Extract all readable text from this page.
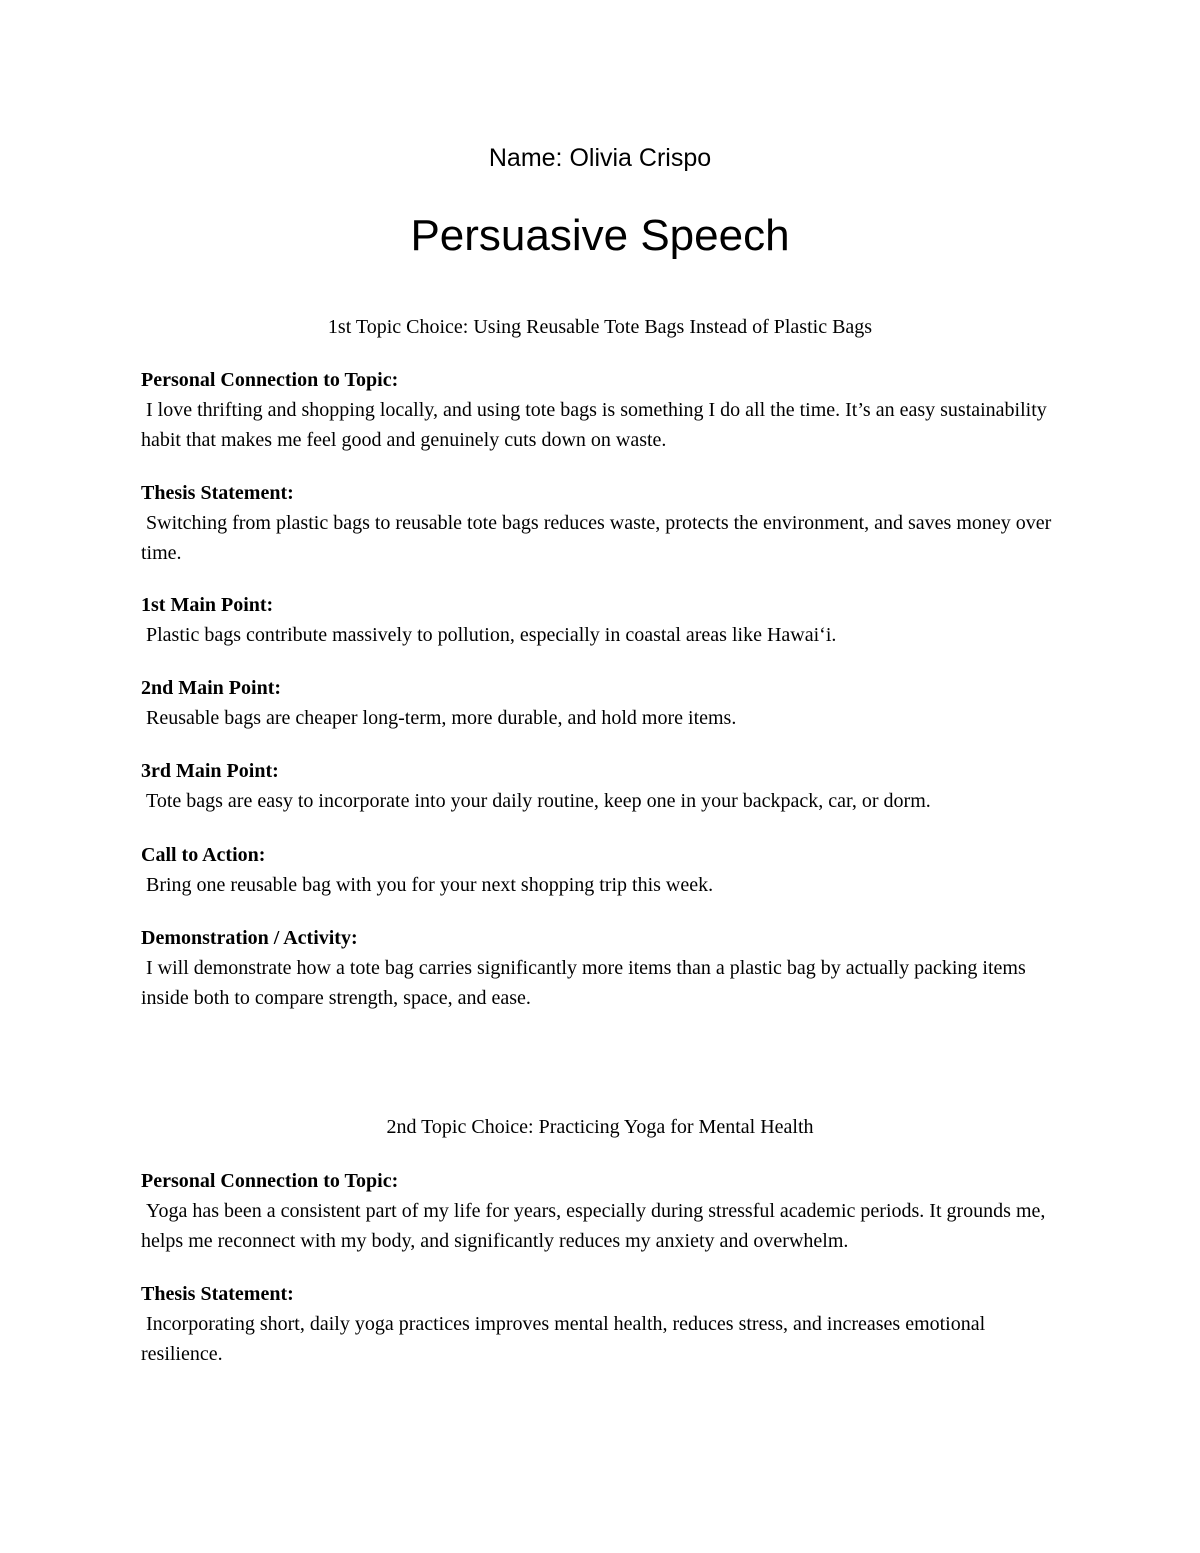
Name: Olivia Crispo

Persuasive Speech

1st Topic Choice: Using Reusable Tote Bags Instead of Plastic Bags

Personal Connection to Topic:
I love thrifting and shopping locally, and using tote bags is something I do all the time. It’s an easy sustainability habit that makes me feel good and genuinely cuts down on waste.
Thesis Statement:
Switching from plastic bags to reusable tote bags reduces waste, protects the environment, and saves money over time.
1st Main Point:
Plastic bags contribute massively to pollution, especially in coastal areas like Hawaiʻi.
2nd Main Point:
Reusable bags are cheaper long-term, more durable, and hold more items.
3rd Main Point:
Tote bags are easy to incorporate into your daily routine, keep one in your backpack, car, or dorm.
Call to Action:
Bring one reusable bag with you for your next shopping trip this week.
Demonstration / Activity:
I will demonstrate how a tote bag carries significantly more items than a plastic bag by actually packing items inside both to compare strength, space, and ease.

2nd Topic Choice: Practicing Yoga for Mental Health

Personal Connection to Topic:
Yoga has been a consistent part of my life for years, especially during stressful academic periods. It grounds me, helps me reconnect with my body, and significantly reduces my anxiety and overwhelm.
Thesis Statement:
Incorporating short, daily yoga practices improves mental health, reduces stress, and increases emotional resilience.
